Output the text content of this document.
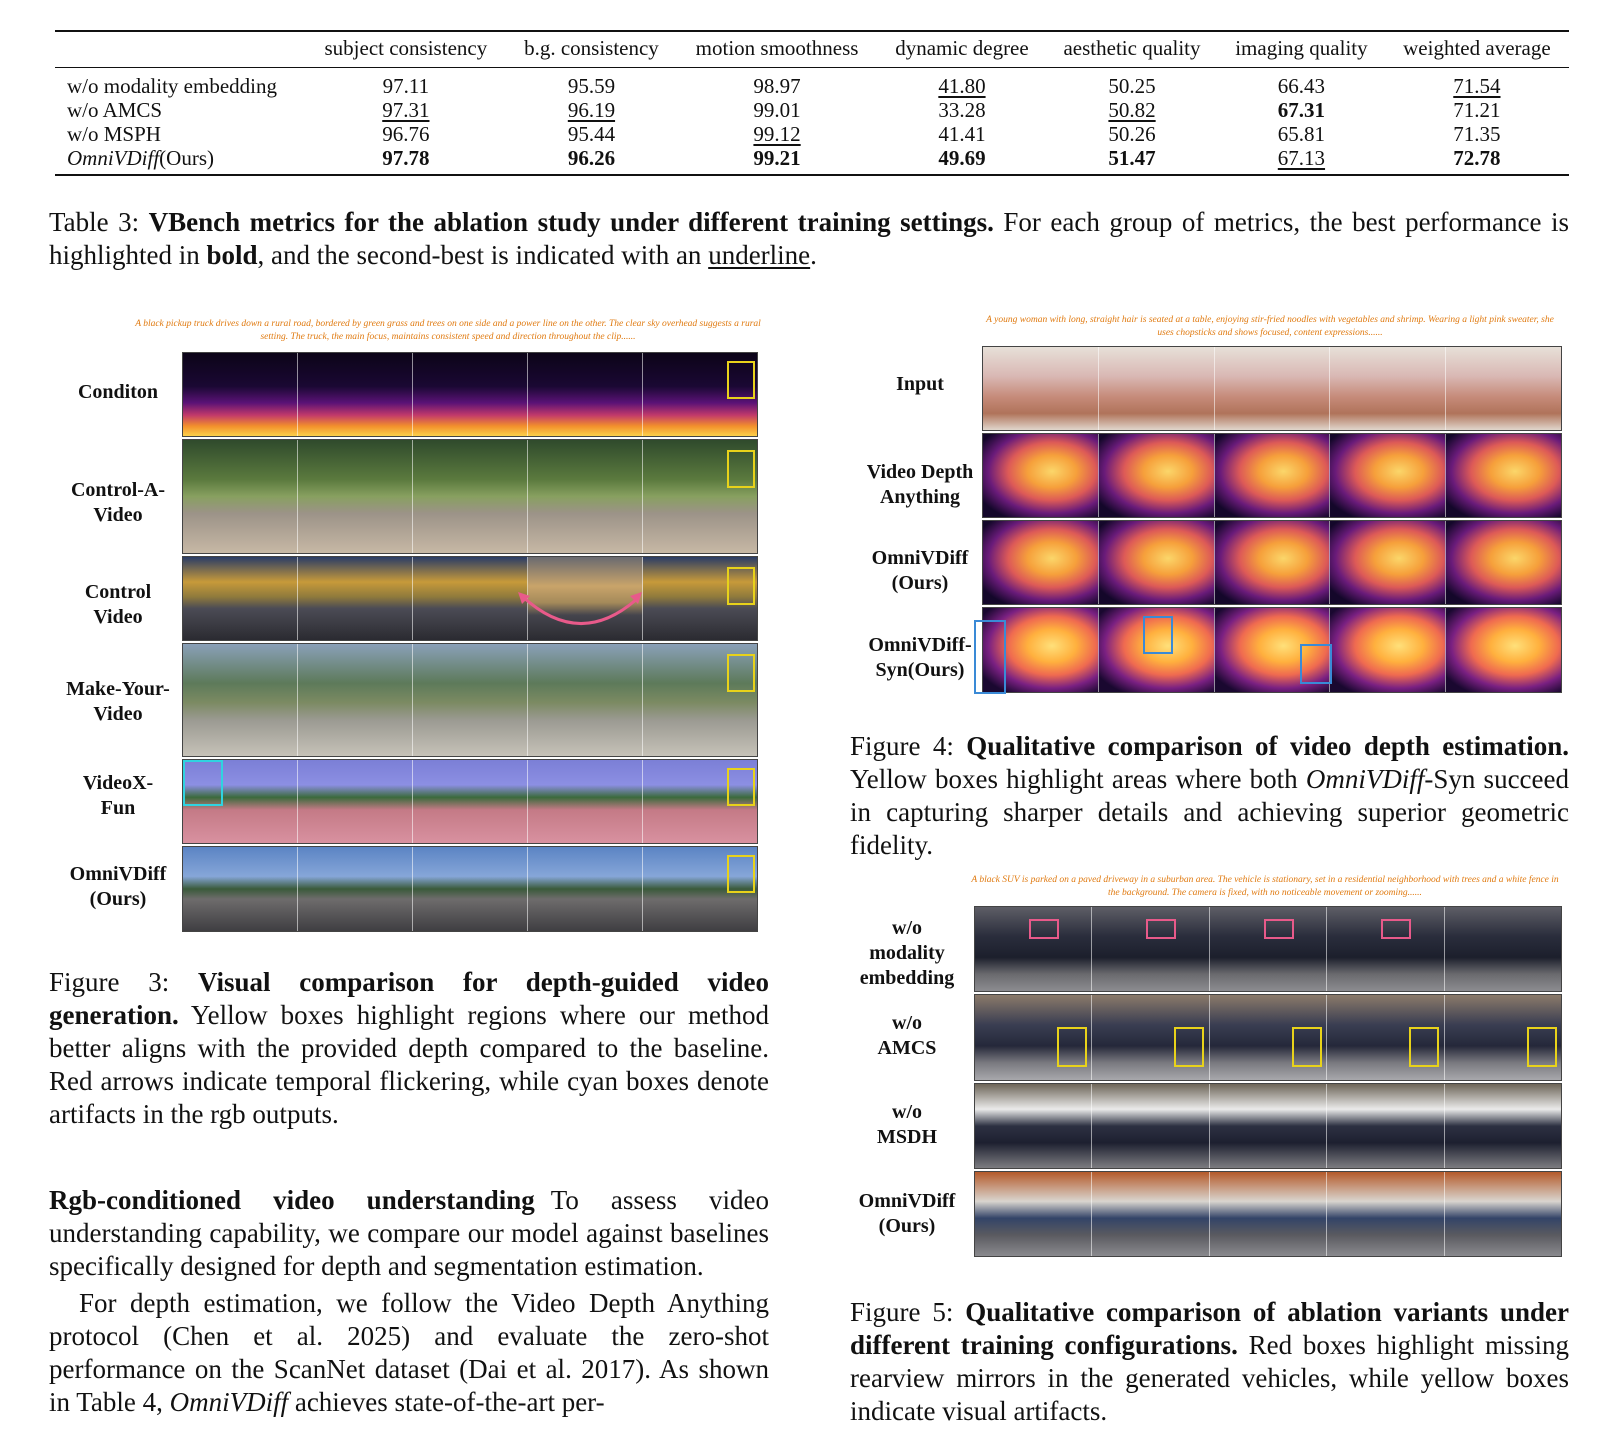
	subject consistency	b.g. consistency	motion smoothness	dynamic degree	aesthetic quality	imaging quality	weighted average
w/o modality embedding	97.11	95.59	98.97	41.80	50.25	66.43	71.54
w/o AMCS	97.31	96.19	99.01	33.28	50.82	67.31	71.21
w/o MSPH	96.76	95.44	99.12	41.41	50.26	65.81	71.35
OmniVDiff(Ours)	97.78	96.26	99.21	49.69	51.47	67.13	72.78
Table 3: VBench metrics for the ablation study under different training settings. For each group of metrics, the best performance is highlighted in bold, and the second-best is indicated with an underline.
A black pickup truck drives down a rural road, bordered by green grass and trees on one side and a power line on the other. The clear sky overhead suggests a rural setting. The truck, the main focus, maintains consistent speed and direction throughout the clip......
Conditon
Control-A-
Video
Control
Video
Make-Your-
Video
VideoX-
Fun
OmniVDiff
(Ours)
Figure 3: Visual comparison for depth-guided video generation. Yellow boxes highlight regions where our method better aligns with the provided depth compared to the baseline. Red arrows indicate temporal flickering, while cyan boxes denote artifacts in the rgb outputs.
Rgb-conditioned video understanding To assess video understanding capability, we compare our model against baselines specifically designed for depth and segmentation estimation.
For depth estimation, we follow the Video Depth Anything protocol (Chen et al. 2025) and evaluate the zero-shot performance on the ScanNet dataset (Dai et al. 2017). As shown in Table 4, OmniVDiff achieves state-of-the-art per-
A young woman with long, straight hair is seated at a table, enjoying stir-fried noodles with vegetables and shrimp. Wearing a light pink sweater, she uses chopsticks and shows focused, content expressions......
Input
Video Depth
Anything
OmniVDiff
(Ours)
OmniVDiff-
Syn(Ours)
Figure 4: Qualitative comparison of video depth estimation. Yellow boxes highlight areas where both OmniVDiff-Syn succeed in capturing sharper details and achieving superior geometric fidelity.
A black SUV is parked on a paved driveway in a suburban area. The vehicle is stationary, set in a residential neighborhood with trees and a white fence in the background. The camera is fixed, with no noticeable movement or zooming......
w/o
modality
embedding
w/o
AMCS
w/o
MSDH
OmniVDiff
(Ours)
Figure 5: Qualitative comparison of ablation variants under different training configurations. Red boxes highlight missing rearview mirrors in the generated vehicles, while yellow boxes indicate visual artifacts.
